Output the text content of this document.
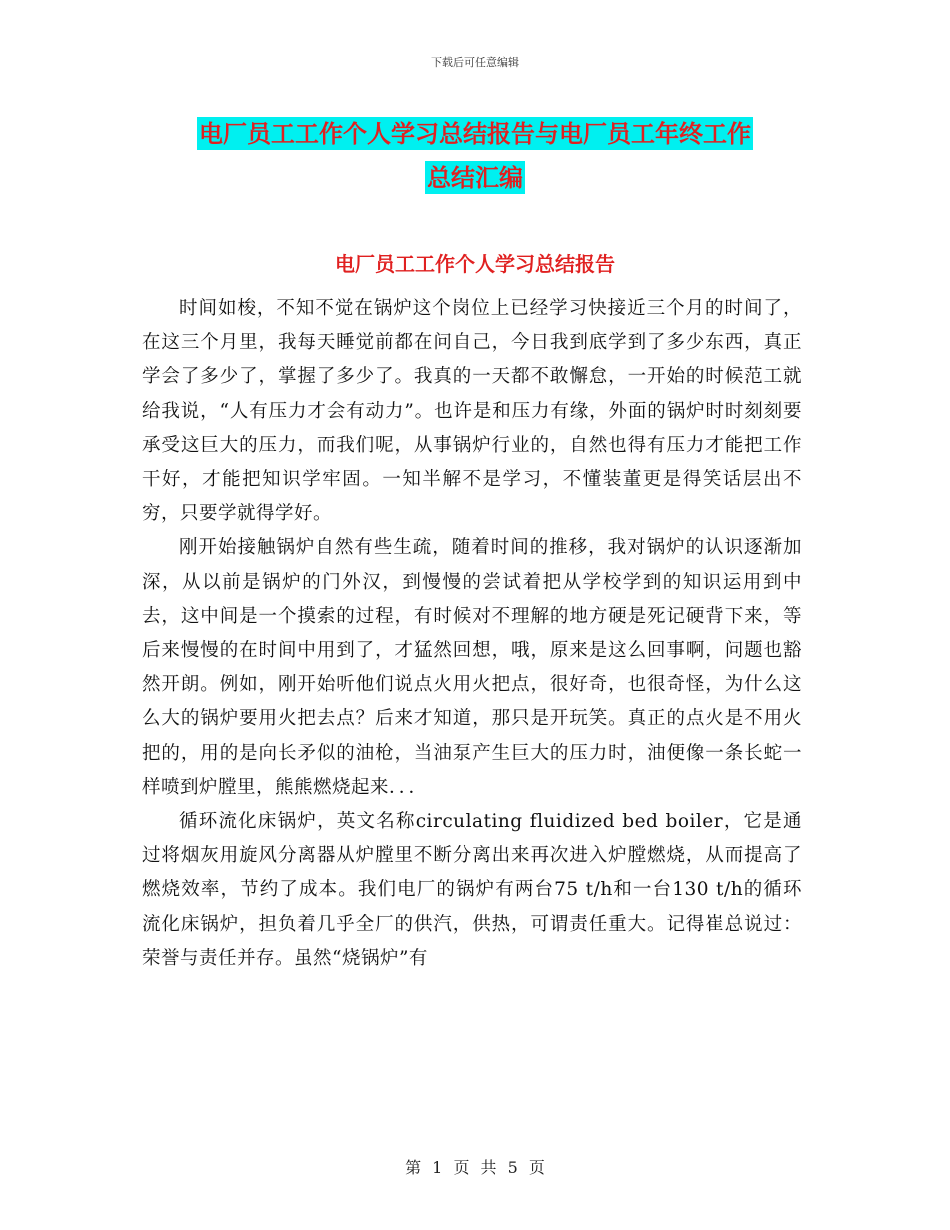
下载后可任意编辑
电厂员工工作个人学习总结报告与电厂员工年终工作
总结汇编
电厂员工工作个人学习总结报告

时间如梭，不知不觉在锅炉这个岗位上已经学习快接近三个月的时间了，在这三个月里，我每天睡觉前都在问自己，今日我到底学到了多少东西，真正学会了多少了，掌握了多少了。我真的一天都不敢懈怠，一开始的时候范工就给我说，“人有压力才会有动力”。也许是和压力有缘，外面的锅炉时时刻刻要承受这巨大的压力，而我们呢，从事锅炉行业的，自然也得有压力才能把工作干好，才能把知识学牢固。一知半解不是学习，不懂装董更是得笑话层出不穷，只要学就得学好。

刚开始接触锅炉自然有些生疏，随着时间的推移，我对锅炉的认识逐渐加深，从以前是锅炉的门外汉，到慢慢的尝试着把从学校学到的知识运用到中去，这中间是一个摸索的过程，有时候对不理解的地方硬是死记硬背下来，等后来慢慢的在时间中用到了，才猛然回想，哦，原来是这么回事啊，问题也豁然开朗。例如，刚开始听他们说点火用火把点，很好奇，也很奇怪，为什么这么大的锅炉要用火把去点？后来才知道，那只是开玩笑。真正的点火是不用火把的，用的是向长矛似的油枪，当油泵产生巨大的压力时，油便像一条长蛇一样喷到炉膛里，熊熊燃烧起来．．．

循环流化床锅炉，英文名称circulating fluidized bed boiler，它是通过将烟灰用旋风分离器从炉膛里不断分离出来再次进入炉膛燃烧，从而提高了燃烧效率，节约了成本。我们电厂的锅炉有两台75 t/h和一台130 t/h的循环流化床锅炉，担负着几乎全厂的供汽，供热，可谓责任重大。记得崔总说过：荣誉与责任并存。虽然“烧锅炉”有

第 1 页 共 5 页
